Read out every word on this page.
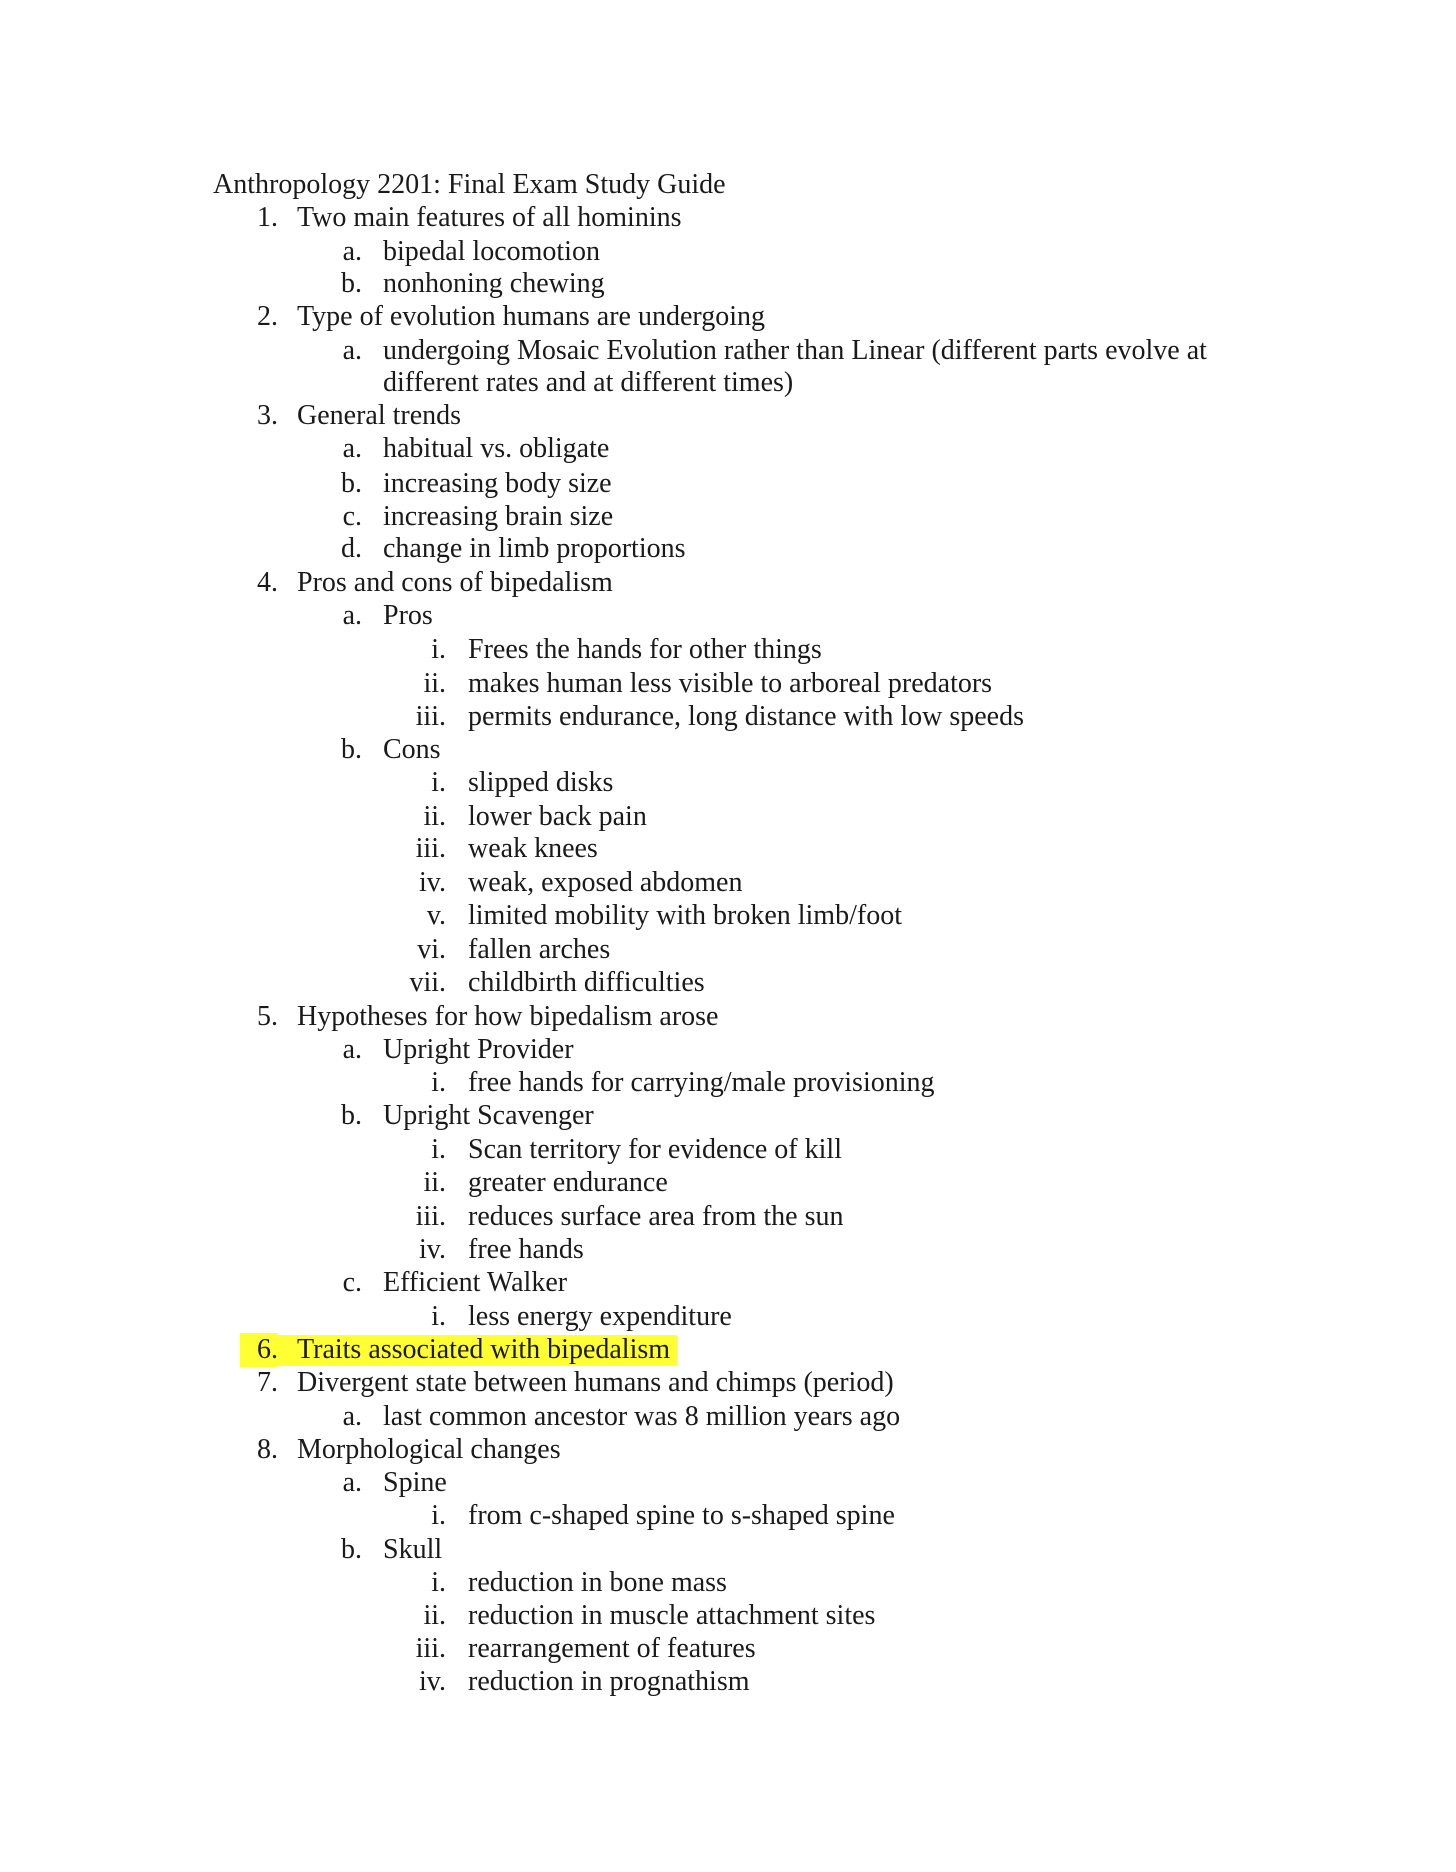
Anthropology 2201: Final Exam Study Guide
1. Two main features of all hominins
a. bipedal locomotion
b. nonhoning chewing
2. Type of evolution humans are undergoing
a. undergoing Mosaic Evolution rather than Linear (different parts evolve at
different rates and at different times)
3. General trends
a. habitual vs. obligate
b. increasing body size
c. increasing brain size
d. change in limb proportions
4. Pros and cons of bipedalism
a. Pros
i. Frees the hands for other things
ii. makes human less visible to arboreal predators
iii. permits endurance, long distance with low speeds
b. Cons
i. slipped disks
ii. lower back pain
iii. weak knees
iv. weak, exposed abdomen
v. limited mobility with broken limb/foot
vi. fallen arches
vii. childbirth difficulties
5. Hypotheses for how bipedalism arose
a. Upright Provider
i. free hands for carrying/male provisioning
b. Upright Scavenger
i. Scan territory for evidence of kill
ii. greater endurance
iii. reduces surface area from the sun
iv. free hands
c. Efficient Walker
i. less energy expenditure
6. Traits associated with bipedalism
7. Divergent state between humans and chimps (period)
a. last common ancestor was 8 million years ago
8. Morphological changes
a. Spine
i. from c-shaped spine to s-shaped spine
b. Skull
i. reduction in bone mass
ii. reduction in muscle attachment sites
iii. rearrangement of features
iv. reduction in prognathism
